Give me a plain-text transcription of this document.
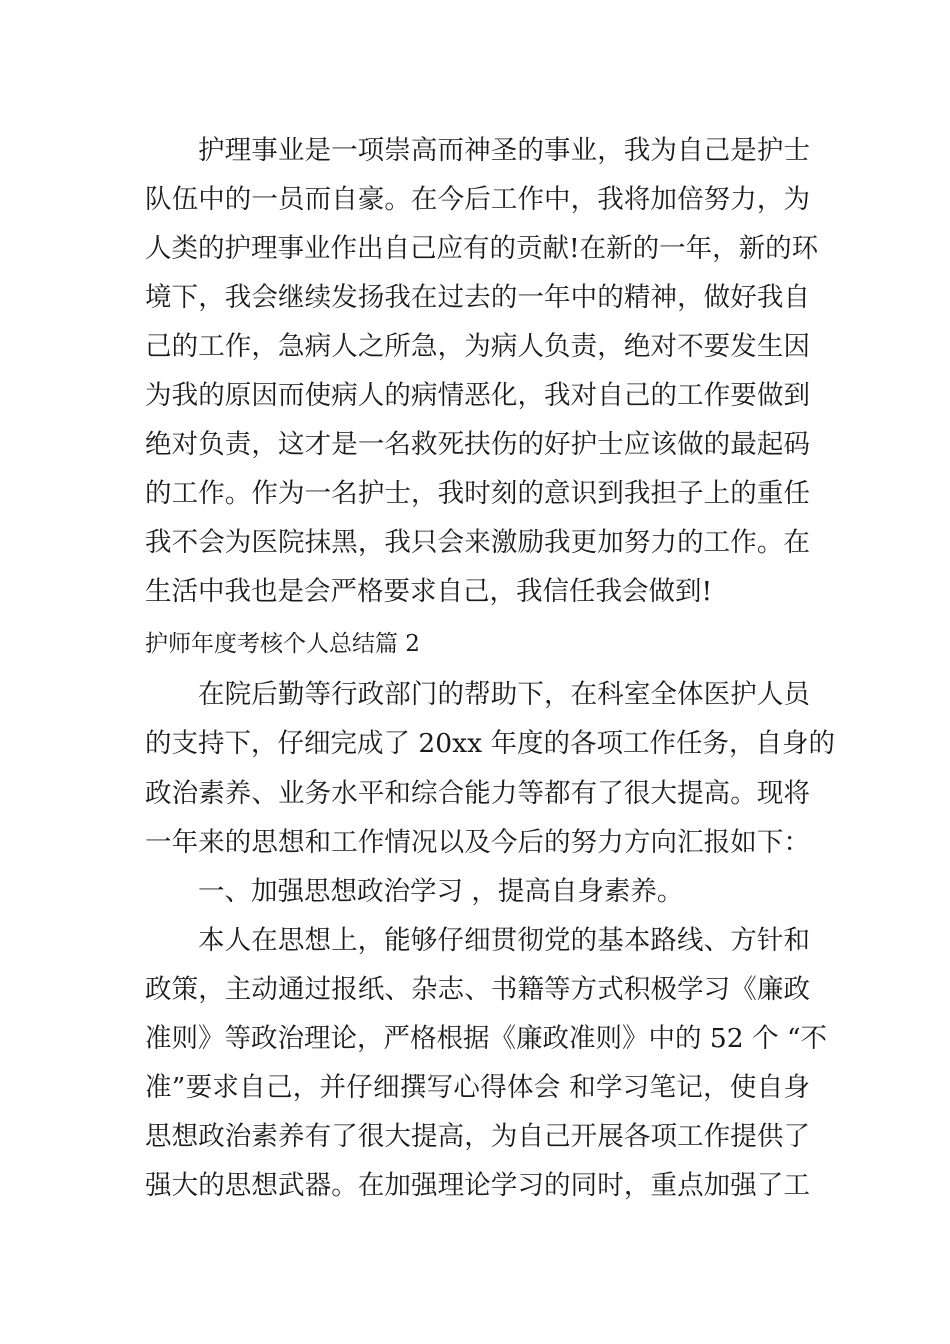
护理事业是一项崇高而神圣的事业，我为自己是护士
队伍中的一员而自豪。在今后工作中，我将加倍努力，为
人类的护理事业作出自己应有的贡献!在新的一年，新的环
境下，我会继续发扬我在过去的一年中的精神，做好我自
己的工作，急病人之所急，为病人负责，绝对不要发生因
为我的原因而使病人的病情恶化，我对自己的工作要做到
绝对负责，这才是一名救死扶伤的好护士应该做的最起码
的工作。作为一名护士，我时刻的意识到我担子上的重任
我不会为医院抹黑，我只会来激励我更加努力的工作。在
生活中我也是会严格要求自己，我信任我会做到!
护师年度考核个人总结篇 2
在院后勤等行政部门的帮助下，在科室全体医护人员
的支持下，仔细完成了 20xx 年度的各项工作任务，自身的
政治素养、业务水平和综合能力等都有了很大提高。现将
一年来的思想和工作情况以及今后的努力方向汇报如下：
一、加强思想政治学习 ，提高自身素养。
本人在思想上，能够仔细贯彻党的基本路线、方针和
政策，主动通过报纸、杂志、书籍等方式积极学习《廉政
准则》等政治理论，严格根据《廉政准则》中的 52 个 “不
准”要求自己，并仔细撰写心得体会 和学习笔记，使自身
思想政治素养有了很大提高，为自己开展各项工作提供了
强大的思想武器。在加强理论学习的同时，重点加强了工
